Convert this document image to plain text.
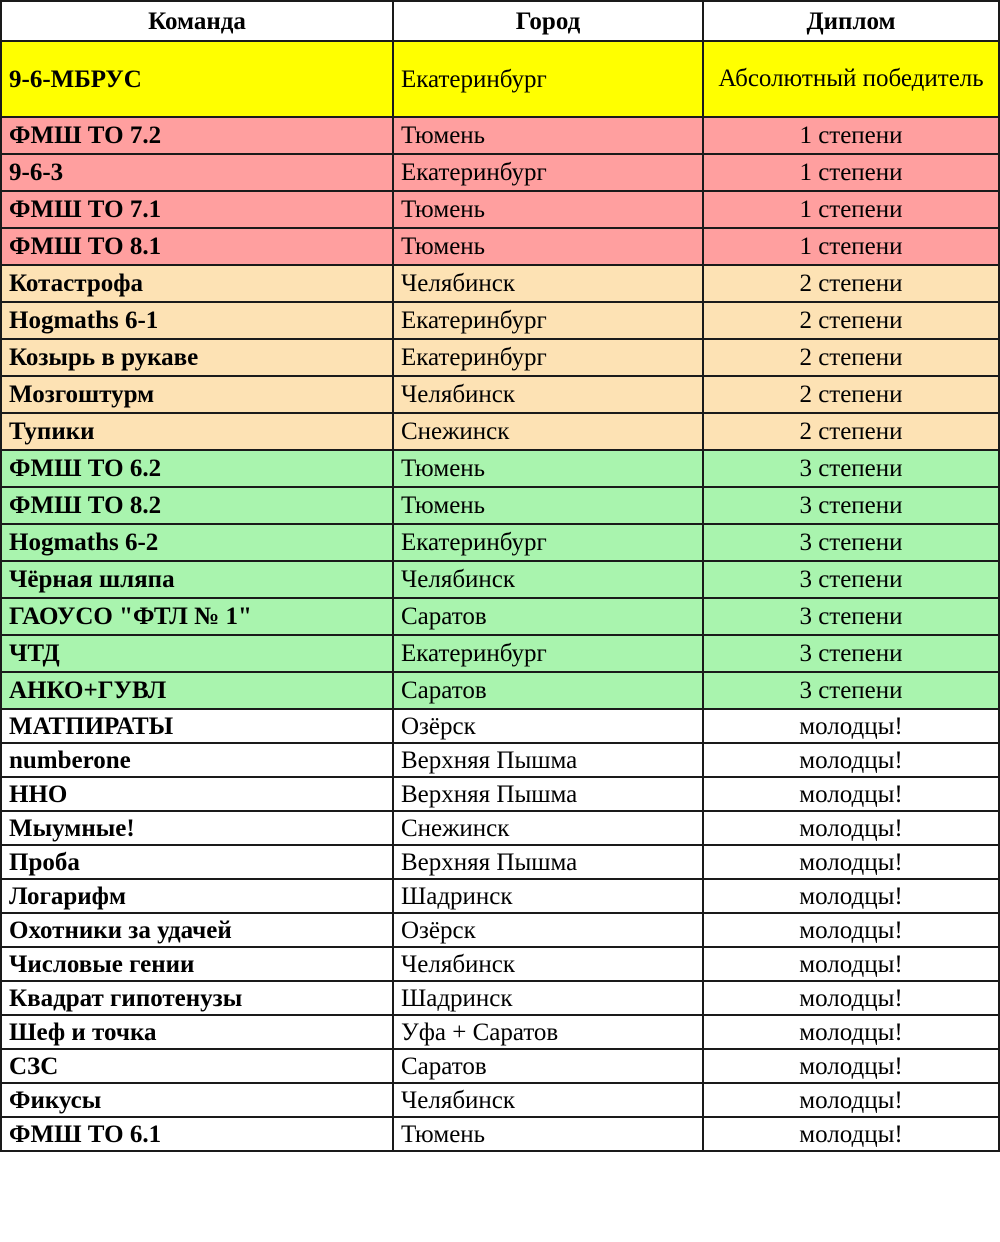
Команда	Город	Диплом
9-6-МБРУС	Екатеринбург	Абсолютный победитель
ФМШ ТО 7.2	Тюмень	1 степени
9-6-3	Екатеринбург	1 степени
ФМШ ТО 7.1	Тюмень	1 степени
ФМШ ТО 8.1	Тюмень	1 степени
Котастрофа	Челябинск	2 степени
Hogmaths 6-1	Екатеринбург	2 степени
Козырь в рукаве	Екатеринбург	2 степени
Мозгоштурм	Челябинск	2 степени
Тупики	Снежинск	2 степени
ФМШ ТО 6.2	Тюмень	3 степени
ФМШ ТО 8.2	Тюмень	3 степени
Hogmaths 6-2	Екатеринбург	3 степени
Чёрная шляпа	Челябинск	3 степени
ГАОУСО "ФТЛ № 1"	Саратов	3 степени
ЧТД	Екатеринбург	3 степени
АНКО+ГУВЛ	Саратов	3 степени
МАТПИРАТЫ	Озёрск	молодцы!
numberone	Верхняя Пышма	молодцы!
ННО	Верхняя Пышма	молодцы!
Мыумные!	Снежинск	молодцы!
Проба	Верхняя Пышма	молодцы!
Логарифм	Шадринск	молодцы!
Охотники за удачей	Озёрск	молодцы!
Числовые гении	Челябинск	молодцы!
Квадрат гипотенузы	Шадринск	молодцы!
Шеф и точка	Уфа + Саратов	молодцы!
СЗС	Саратов	молодцы!
Фикусы	Челябинск	молодцы!
ФМШ ТО 6.1	Тюмень	молодцы!
